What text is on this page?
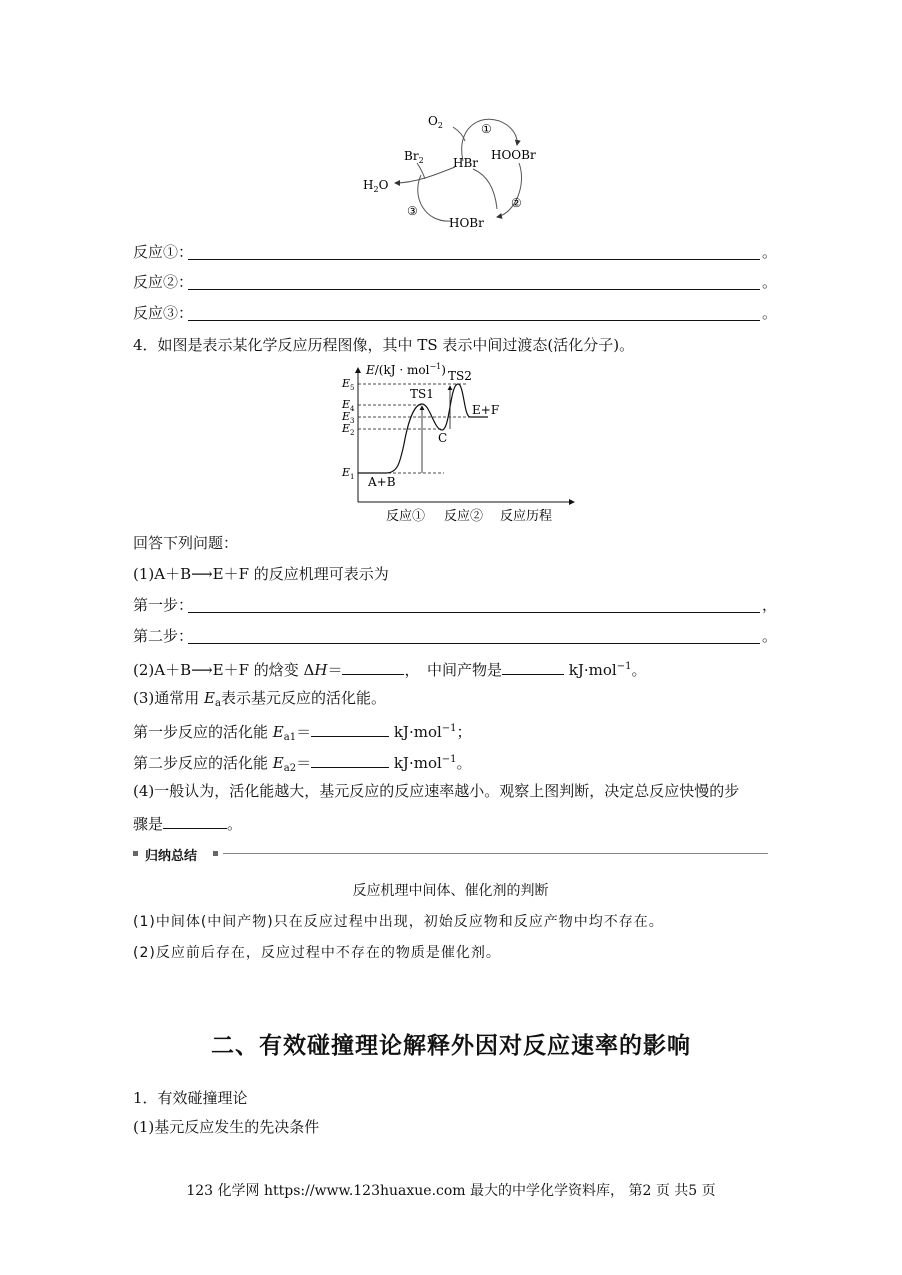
$O_2$	①
HBr
HOOBr
$Br_2$
$H_2O$
②
③
HOBr
反应①：	。
反应②：	。
反应③：	。
4．如图是表示某化学反应历程图像，其中 TS 表示中间过渡态(活化分子)。
E/(kJ · mol$^{-1}$)
$E_5$
$E_4$
$E_3$
$E_2$
$E_1$
TS1
TS2
E+F
C
A+B
反应① 反应② 反应历程
回答下列问题：
(1)A＋B⟶E＋F 的反应机理可表示为
第一步：	，
第二步：	。
(2)A＋B⟶E＋F 的焓变 ΔH＝	，　中间产物是	kJ·mol$^{-1}$。
(3)通常用 $E_a$表示基元反应的活化能。
第一步反应的活化能 $E_{a1}=$	kJ·mol$^{-1}$；
第二步反应的活化能 $E_{a2}=$	kJ·mol$^{-1}$。
(4)一般认为，活化能越大，基元反应的反应速率越小。观察上图判断，决定总反应快慢的步
骤是	。
归纳总结
反应机理中间体、催化剂的判断
(1)中间体(中间产物)只在反应过程中出现，初始反应物和反应产物中均不存在。
(2)反应前后存在，反应过程中不存在的物质是催化剂。
二、有效碰撞理论解释外因对反应速率的影响
1．有效碰撞理论
(1)基元反应发生的先决条件
123 化学网 https://www.123huaxue.com 最大的中学化学资料库， 第2 页 共5 页
